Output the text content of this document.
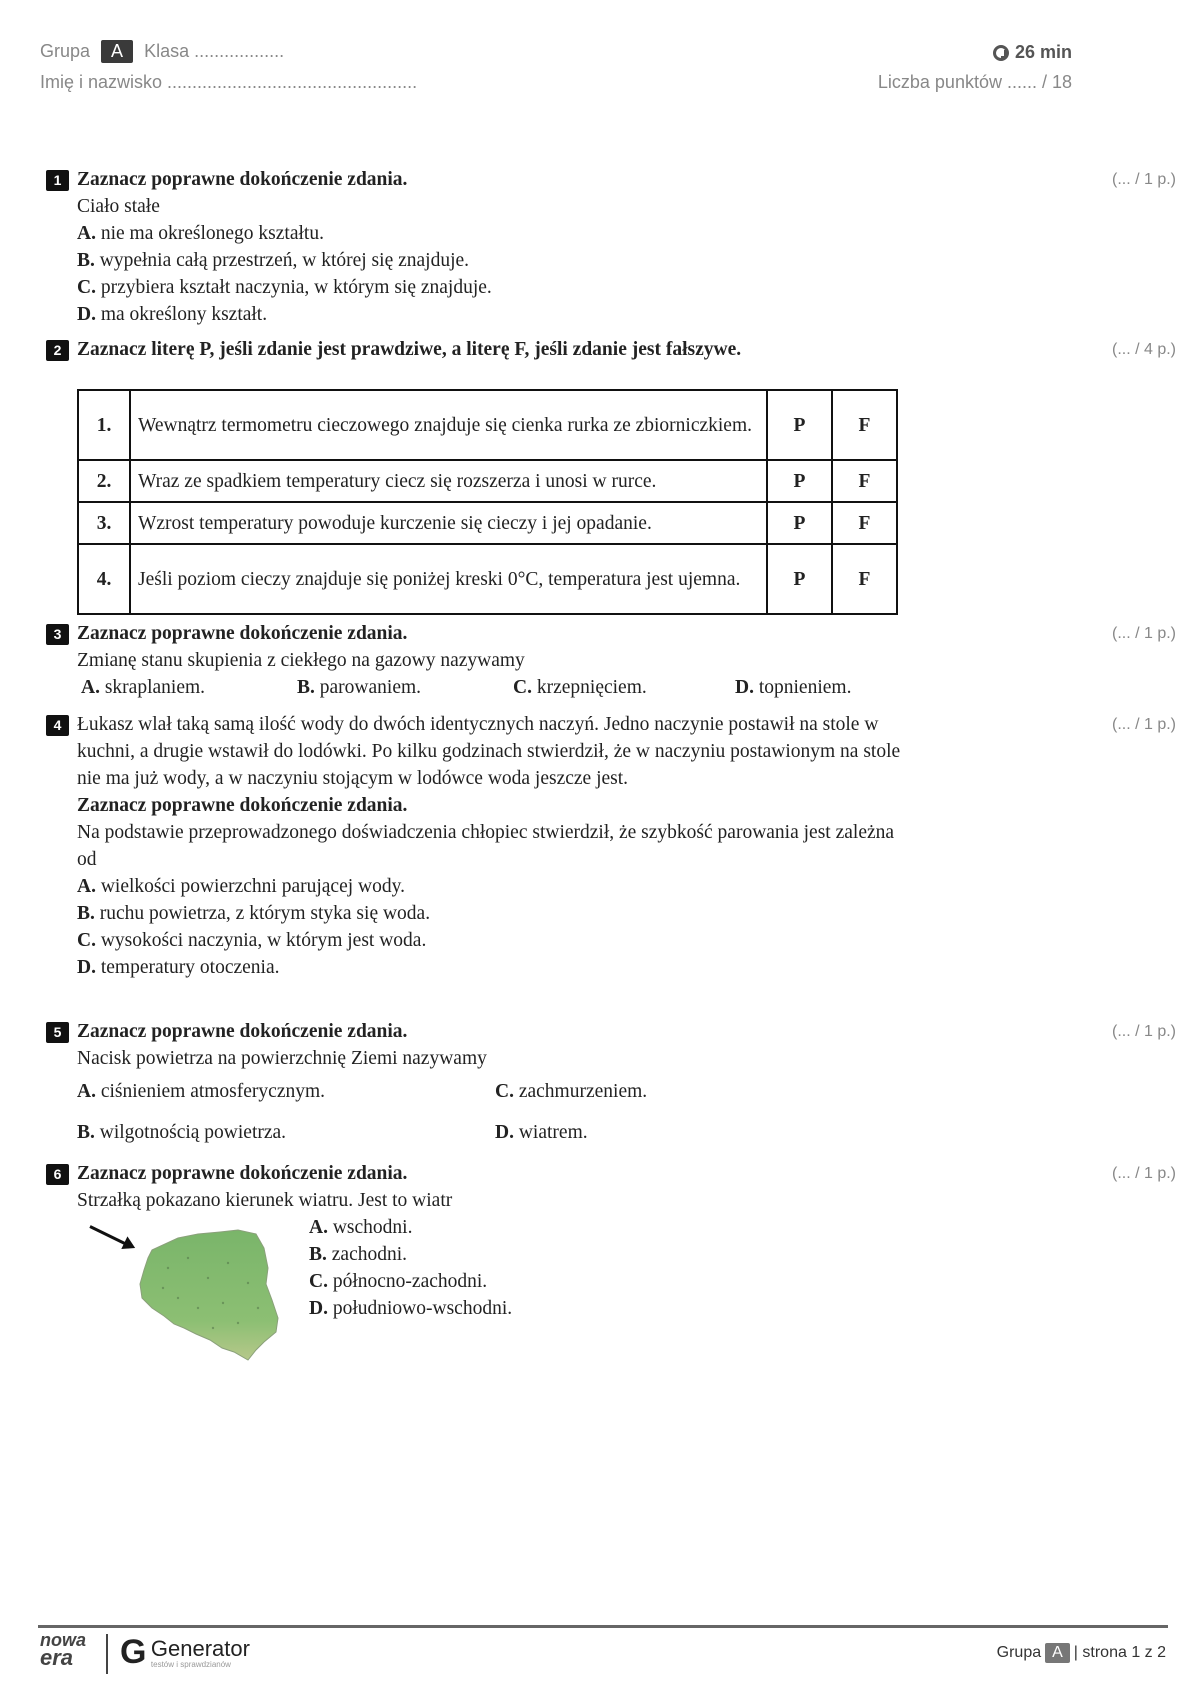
Grupa A Klasa ..................
Imię i nazwisko ..................................................
26 min
Liczba punktów ...... / 18
1	(... / 1 p.)
Zaznacz poprawne dokończenie zdania.
Ciało stałe
A. nie ma określonego kształtu.
B. wypełnia całą przestrzeń, w której się znajduje.
C. przybiera kształt naczynia, w którym się znajduje.
D. ma określony kształt.
2	(... / 4 p.)
Zaznacz literę P, jeśli zdanie jest prawdziwe, a literę F, jeśli zdanie jest fałszywe.
1.	Wewnątrz termometru cieczowego znajduje się cienka rurka ze zbiorniczkiem.	P	F
2.	Wraz ze spadkiem temperatury ciecz się rozszerza i unosi w rurce.	P	F
3.	Wzrost temperatury powoduje kurczenie się cieczy i jej opadanie.	P	F
4.	Jeśli poziom cieczy znajduje się poniżej kreski 0°C, temperatura jest ujemna.	P	F
3	(... / 1 p.)
Zaznacz poprawne dokończenie zdania.
Zmianę stanu skupienia z ciekłego na gazowy nazywamy
A. skraplaniem.	B. parowaniem.	C. krzepnięciem.	D. topnieniem.
4	(... / 1 p.)
Łukasz wlał taką samą ilość wody do dwóch identycznych naczyń. Jedno naczynie postawił na stole w kuchni, a drugie wstawił do lodówki. Po kilku godzinach stwierdził, że w naczyniu postawionym na stole nie ma już wody, a w naczyniu stojącym w lodówce woda jeszcze jest.
Zaznacz poprawne dokończenie zdania.
Na podstawie przeprowadzonego doświadczenia chłopiec stwierdził, że szybkość parowania jest zależna od
A. wielkości powierzchni parującej wody.
B. ruchu powietrza, z którym styka się woda.
C. wysokości naczynia, w którym jest woda.
D. temperatury otoczenia.
5	(... / 1 p.)
Zaznacz poprawne dokończenie zdania.
Nacisk powietrza na powierzchnię Ziemi nazywamy
A. ciśnieniem atmosferycznym.	C. zachmurzeniem.
B. wilgotnością powietrza.	D. wiatrem.
6	(... / 1 p.)
Zaznacz poprawne dokończenie zdania.
Strzałką pokazano kierunek wiatru. Jest to wiatr
A. wschodni.
B. zachodni.
C. północno-zachodni.
D. południowo-wschodni.
nowa
era	G Generator
testów i sprawdzianów
Grupa A | strona 1 z 2
